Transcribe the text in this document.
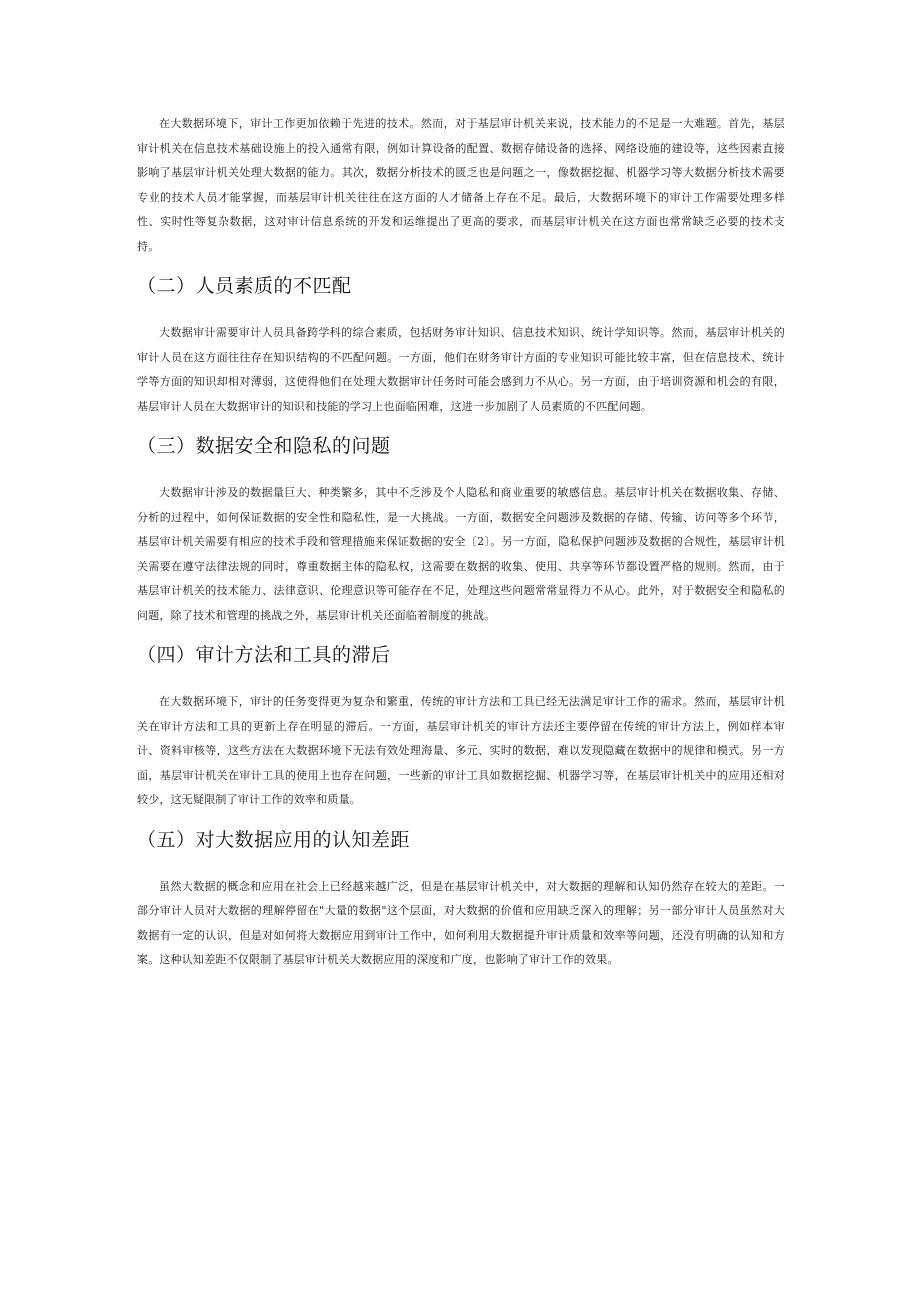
在大数据环境下，审计工作更加依赖于先进的技术。然而，对于基层审计机关来说，技术能力的不足是一大难题。首先，基层审计机关在信息技术基础设施上的投入通常有限，例如计算设备的配置、数据存储设备的选择、网络设施的建设等，这些因素直接影响了基层审计机关处理大数据的能力。其次，数据分析技术的匮乏也是问题之一，像数据挖掘、机器学习等大数据分析技术需要专业的技术人员才能掌握，而基层审计机关往往在这方面的人才储备上存在不足。最后，大数据环境下的审计工作需要处理多样性、实时性等复杂数据，这对审计信息系统的开发和运维提出了更高的要求，而基层审计机关在这方面也常常缺乏必要的技术支持。

（二）人员素质的不匹配

大数据审计需要审计人员具备跨学科的综合素质，包括财务审计知识、信息技术知识、统计学知识等。然而，基层审计机关的审计人员在这方面往往存在知识结构的不匹配问题。一方面，他们在财务审计方面的专业知识可能比较丰富，但在信息技术、统计学等方面的知识却相对薄弱，这使得他们在处理大数据审计任务时可能会感到力不从心。另一方面，由于培训资源和机会的有限，基层审计人员在大数据审计的知识和技能的学习上也面临困难，这进一步加剧了人员素质的不匹配问题。

（三）数据安全和隐私的问题

大数据审计涉及的数据量巨大、种类繁多，其中不乏涉及个人隐私和商业重要的敏感信息。基层审计机关在数据收集、存储、分析的过程中，如何保证数据的安全性和隐私性，是一大挑战。一方面，数据安全问题涉及数据的存储、传输、访问等多个环节，基层审计机关需要有相应的技术手段和管理措施来保证数据的安全〔2〕。另一方面，隐私保护问题涉及数据的合规性，基层审计机关需要在遵守法律法规的同时，尊重数据主体的隐私权，这需要在数据的收集、使用、共享等环节都设置严格的规则。然而，由于基层审计机关的技术能力、法律意识、伦理意识等可能存在不足，处理这些问题常常显得力不从心。此外，对于数据安全和隐私的问题，除了技术和管理的挑战之外，基层审计机关还面临着制度的挑战。

（四）审计方法和工具的滞后

在大数据环境下，审计的任务变得更为复杂和繁重，传统的审计方法和工具已经无法满足审计工作的需求。然而，基层审计机关在审计方法和工具的更新上存在明显的滞后。一方面，基层审计机关的审计方法还主要停留在传统的审计方法上，例如样本审计、资料审核等，这些方法在大数据环境下无法有效处理海量、多元、实时的数据，难以发现隐藏在数据中的规律和模式。另一方面，基层审计机关在审计工具的使用上也存在问题，一些新的审计工具如数据挖掘、机器学习等，在基层审计机关中的应用还相对较少，这无疑限制了审计工作的效率和质量。

（五）对大数据应用的认知差距

虽然大数据的概念和应用在社会上已经越来越广泛，但是在基层审计机关中，对大数据的理解和认知仍然存在较大的差距。一部分审计人员对大数据的理解停留在"大量的数据"这个层面，对大数据的价值和应用缺乏深入的理解；另一部分审计人员虽然对大数据有一定的认识，但是对如何将大数据应用到审计工作中，如何利用大数据提升审计质量和效率等问题，还没有明确的认知和方案。这种认知差距不仅限制了基层审计机关大数据应用的深度和广度，也影响了审计工作的效果。
